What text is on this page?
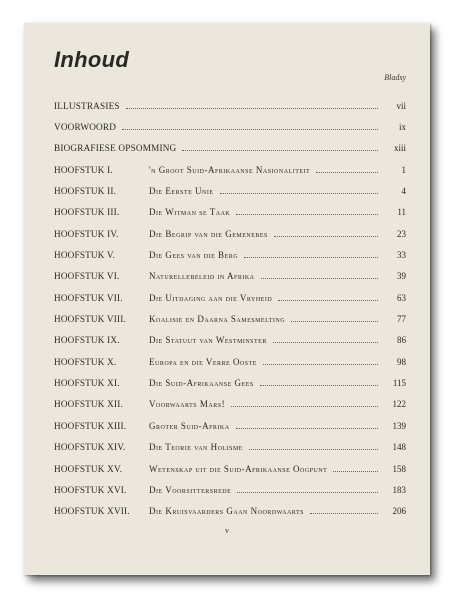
Inhoud
Bladsy
ILLUSTRASIES	vii
VOORWOORD	ix
BIOGRAFIESE OPSOMMING	xiii
HOOFSTUK I.	'n Groot Suid-Afrikaanse Nasionaliteit	1
HOOFSTUK II.	Die Eerste Unie	4
HOOFSTUK III.	Die Witman se Taak	11
HOOFSTUK IV.	Die Begrip van die Gemenebes	23
HOOFSTUK V.	Die Gees van die Berg	33
HOOFSTUK VI.	Naturellebeleid in Afrika	39
HOOFSTUK VII.	Die Uitdaging aan die Vryheid	63
HOOFSTUK VIII.	Koalisie en Daarna Samesmelting	77
HOOFSTUK IX.	Die Statuut van Westminster	86
HOOFSTUK X.	Europa en die Verre Ooste	98
HOOFSTUK XI.	Die Suid-Afrikaanse Gees	115
HOOFSTUK XII.	Voorwaarts Mars!	122
HOOFSTUK XIII.	Groter Suid-Afrika	139
HOOFSTUK XIV.	Die Teorie van Holisme	148
HOOFSTUK XV.	Wetenskap uit die Suid-Afrikaanse Oogpunt	158
HOOFSTUK XVI.	Die Voorsittersrede	183
HOOFSTUK XVII.	Die Kruisvaarders Gaan Noordwaarts	206
v
